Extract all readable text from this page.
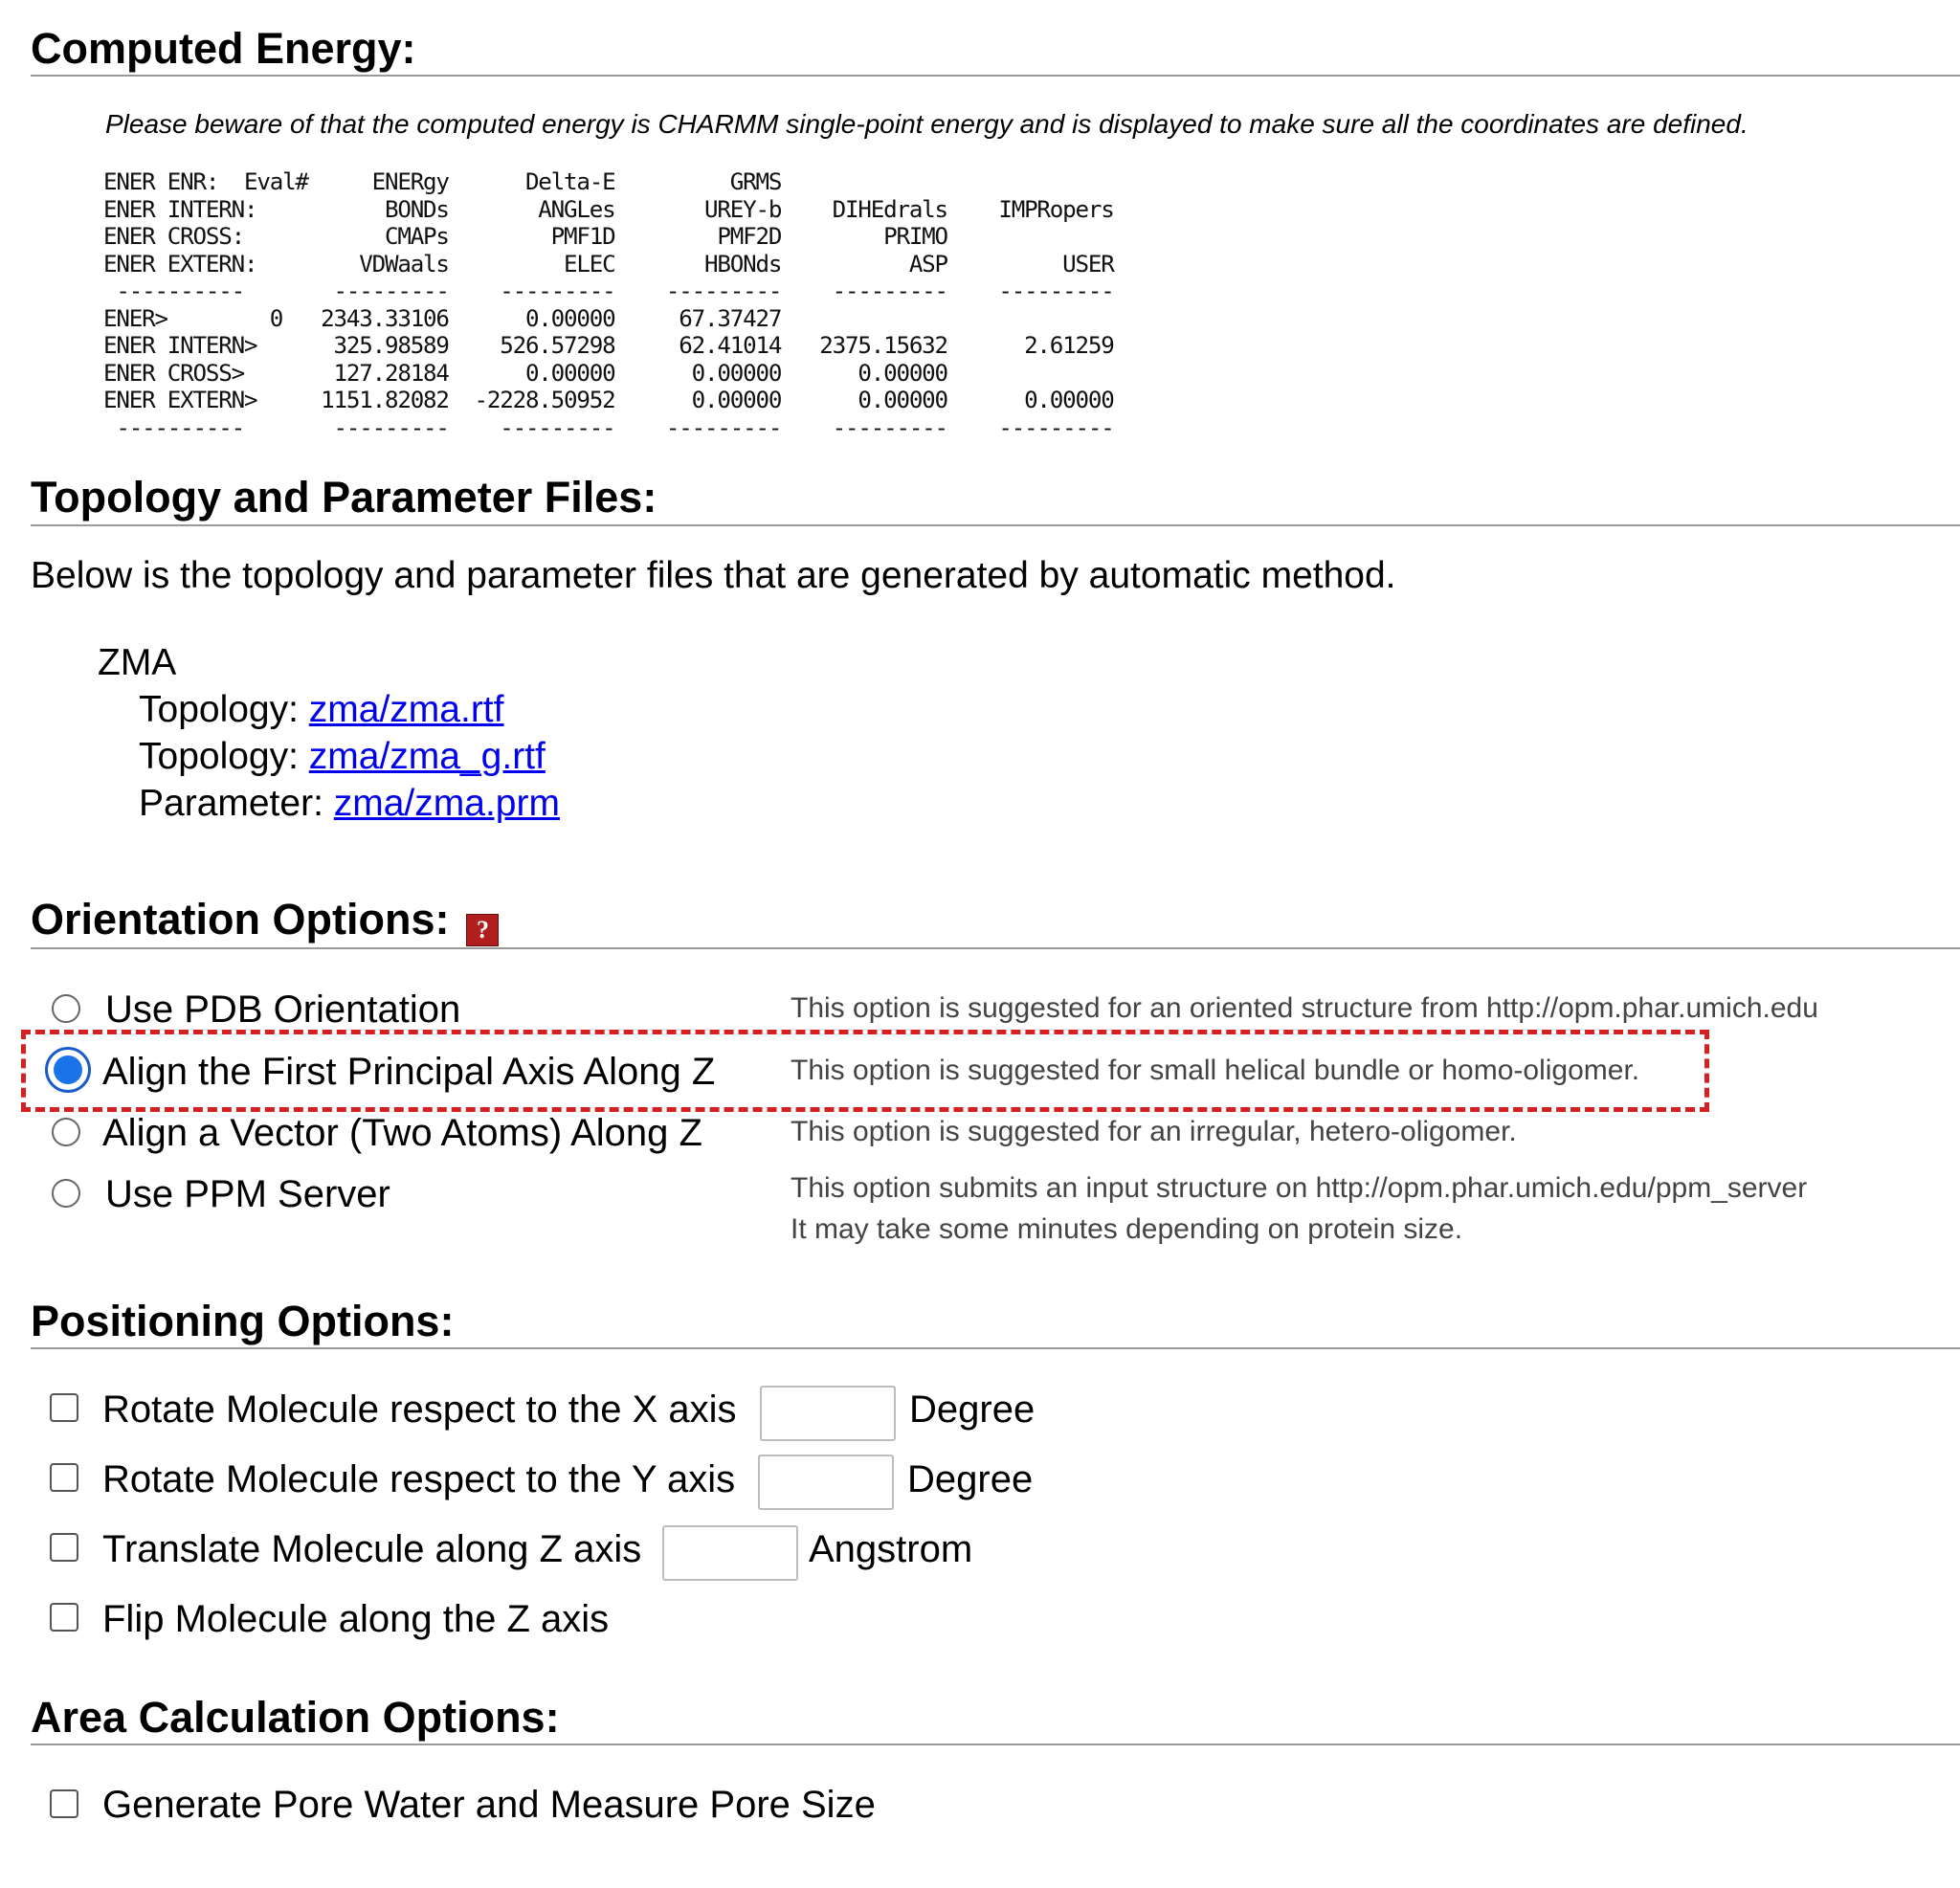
Computed Energy:
Please beware of that the computed energy is CHARMM single-point energy and is displayed to make sure all the coordinates are defined.
ENER ENR:  Eval#     ENERgy      Delta-E         GRMS
ENER INTERN:          BONDs       ANGLes       UREY-b    DIHEdrals    IMPRopers
ENER CROSS:           CMAPs        PMF1D        PMF2D        PRIMO
ENER EXTERN:        VDWaals         ELEC       HBONds          ASP         USER
----------       ---------    ---------    ---------    ---------    ---------
ENER>        0   2343.33106      0.00000     67.37427
ENER INTERN>      325.98589    526.57298     62.41014   2375.15632      2.61259
ENER CROSS>       127.28184      0.00000      0.00000      0.00000
ENER EXTERN>     1151.82082  -2228.50952      0.00000      0.00000      0.00000
----------       ---------    ---------    ---------    ---------    ---------
Topology and Parameter Files:
Below is the topology and parameter files that are generated by automatic method.
ZMA
Topology: zma/zma.rtf
Topology: zma/zma_g.rtf
Parameter: zma/zma.prm
Orientation Options: ?
Use PDB Orientation	This option is suggested for an oriented structure from http://opm.phar.umich.edu
Align the First Principal Axis Along Z	This option is suggested for small helical bundle or homo-oligomer.
Align a Vector (Two Atoms) Along Z	This option is suggested for an irregular, hetero-oligomer.
Use PPM Server	This option submits an input structure on http://opm.phar.umich.edu/ppm_server
It may take some minutes depending on protein size.
Positioning Options:
Rotate Molecule respect to the X axis	Degree
Rotate Molecule respect to the Y axis	Degree
Translate Molecule along Z axis	Angstrom
Flip Molecule along the Z axis
Area Calculation Options:
Generate Pore Water and Measure Pore Size
